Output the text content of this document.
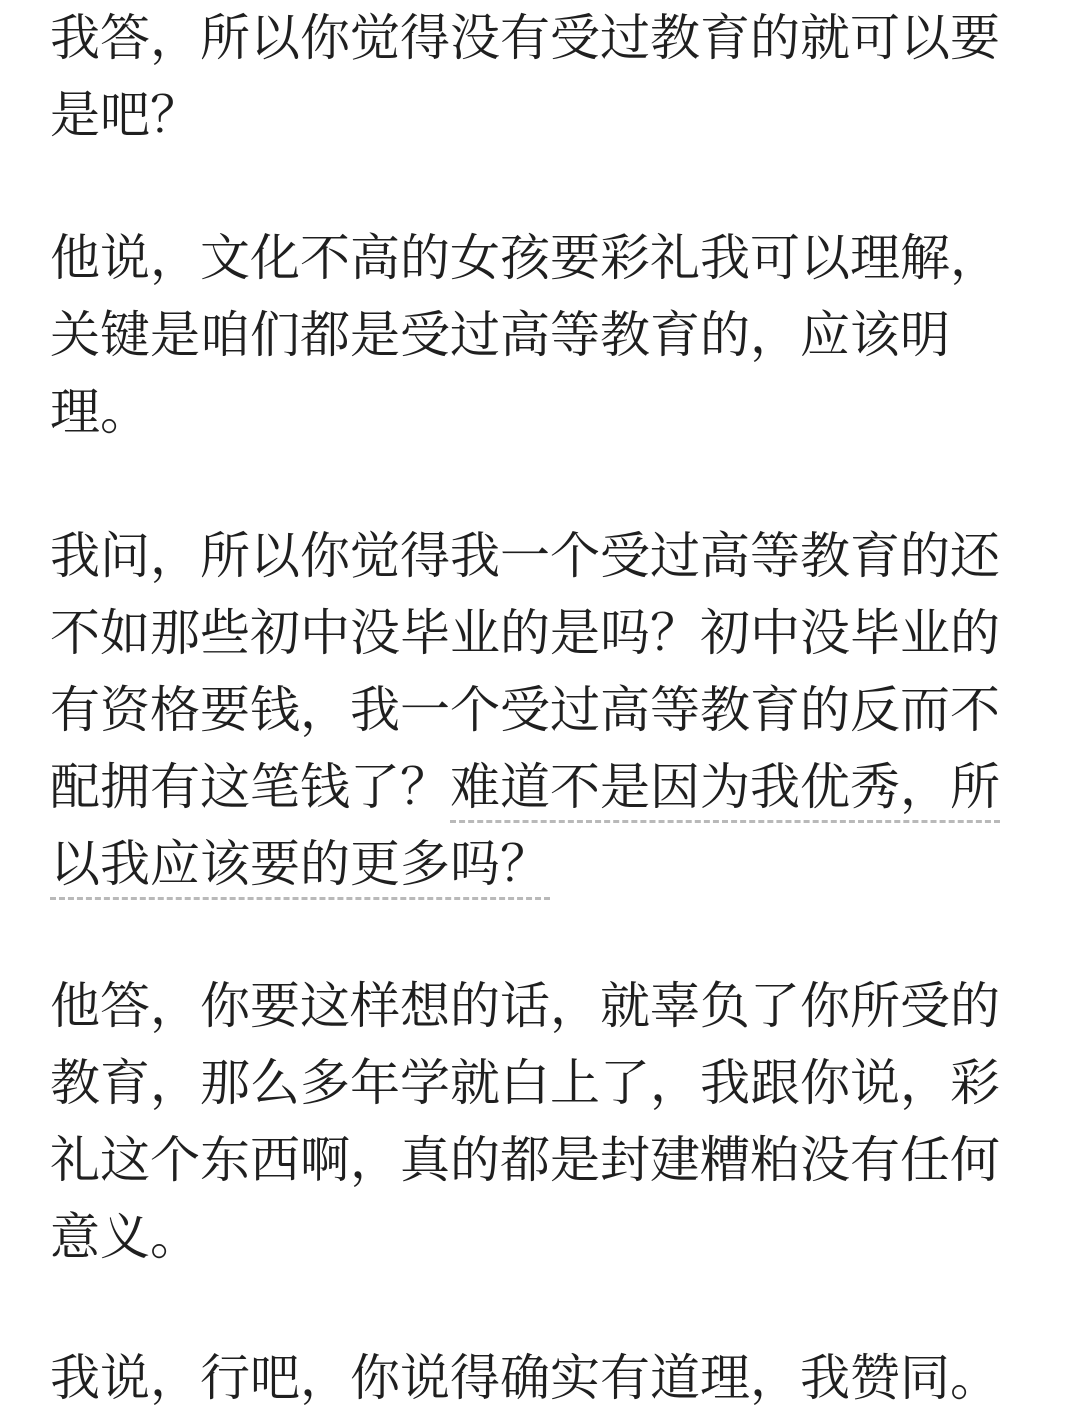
我答，所以你觉得没有受过教育的就可以要是吧？

他说，文化不高的女孩要彩礼我可以理解，关键是咱们都是受过高等教育的，应该明理。

我问，所以你觉得我一个受过高等教育的还不如那些初中没毕业的是吗？初中没毕业的有资格要钱，我一个受过高等教育的反而不配拥有这笔钱了？难道不是因为我优秀，所以我应该要的更多吗？

他答，你要这样想的话，就辜负了你所受的教育，那么多年学就白上了，我跟你说，彩礼这个东西啊，真的都是封建糟粕没有任何意义。

我说，行吧，你说得确实有道理，我赞同。
